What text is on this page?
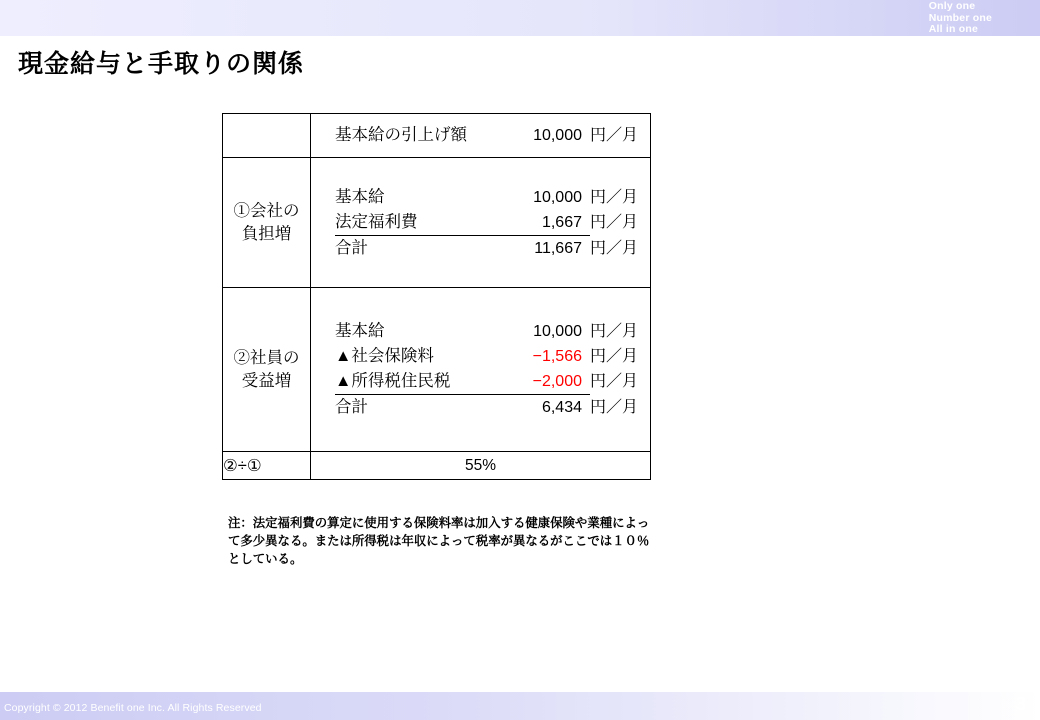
Only one
Number one
All in one
現金給与と手取りの関係

	基本給の引上げ額 10,000 円／月

①会社の
負担増

基本給	10,000 円／月
法定福利費	1,667 円／月
合計	11,667 円／月

②社員の
受益増

基本給	10,000 円／月
▲社会保険料	−1,566 円／月
▲所得税住民税	−2,000 円／月
合計	6,434 円／月

②÷①	55%
注：法定福利費の算定に使用する保険料率は加入する健康保険や業種によって多少異なる。または所得税は年収によって税率が異なるがここでは１０％としている。
Copyright © 2012 Benefit one Inc. All Rights Reserved	3
